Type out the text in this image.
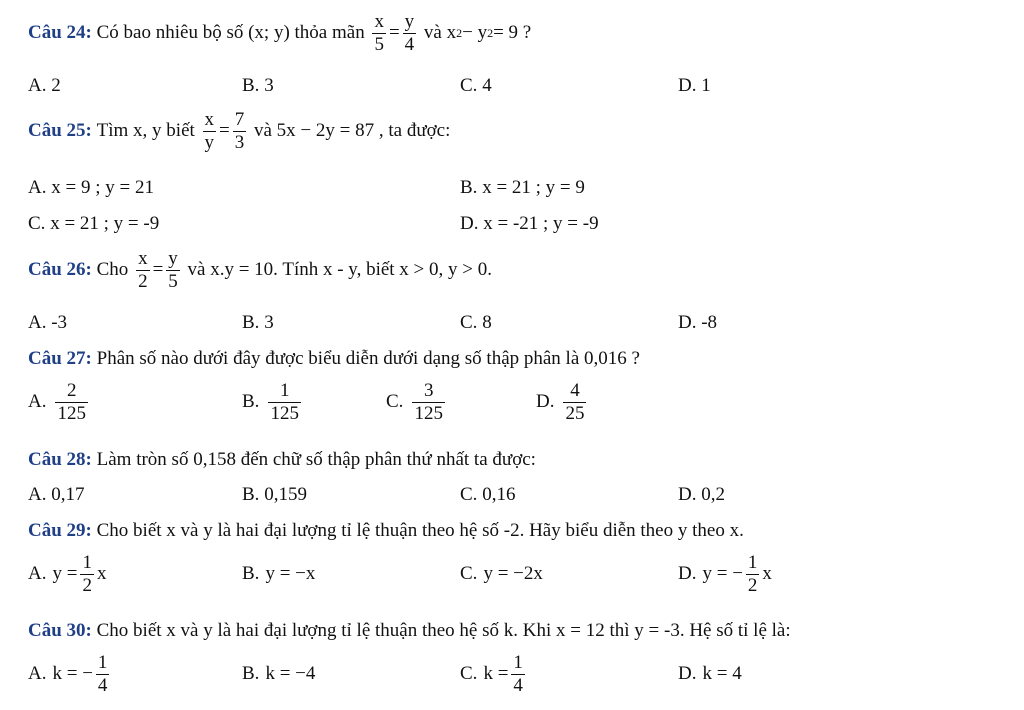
Câu 24:
Có bao nhiêu bộ số (x; y) thỏa mãn
$\frac{x}{5} = \frac{y}{4}$
và
x 2 − y 2 = 9 ?
A. 2	B. 3	C. 4	D. 1
Câu 25:
Tìm x, y biết
$\frac{x}{y} = \frac{7}{3}$
và 5x − 2y = 87 , ta được:
A. x = 9 ; y = 21	B. x = 21 ; y = 9
C. x = 21 ; y = -9	D. x = -21 ; y = -9
Câu 26:
Cho
$\frac{x}{2} = \frac{y}{5}$
và x.y = 10. Tính x - y, biết x > 0, y > 0.
A. -3	B. 3	C. 8	D. -8
Câu 27: Phân số nào dưới đây được biểu diễn dưới dạng số thập phân là 0,016 ?
A. $\frac{2}{125}$	B. $\frac{1}{125}$	C. $\frac{3}{125}$	D. $\frac{4}{25}$
Câu 28: Làm tròn số 0,158 đến chữ số thập phân thứ nhất ta được:
A. 0,17	B. 0,159	C. 0,16	D. 0,2
Câu 29: Cho biết x và y là hai đại lượng tỉ lệ thuận theo hệ số -2. Hãy biểu diễn theo y theo x.
A. $y = \frac{1}{2}$ x	B. y = −x	C. y = −2x	D. y = − $\frac{1}{2}$ x
Câu 30: Cho biết x và y là hai đại lượng tỉ lệ thuận theo hệ số k. Khi x = 12 thì y = -3. Hệ số tỉ lệ là:
A. k = − $\frac{1}{4}$	B. k = −4	C. $k = \frac{1}{4}$	D. k = 4
